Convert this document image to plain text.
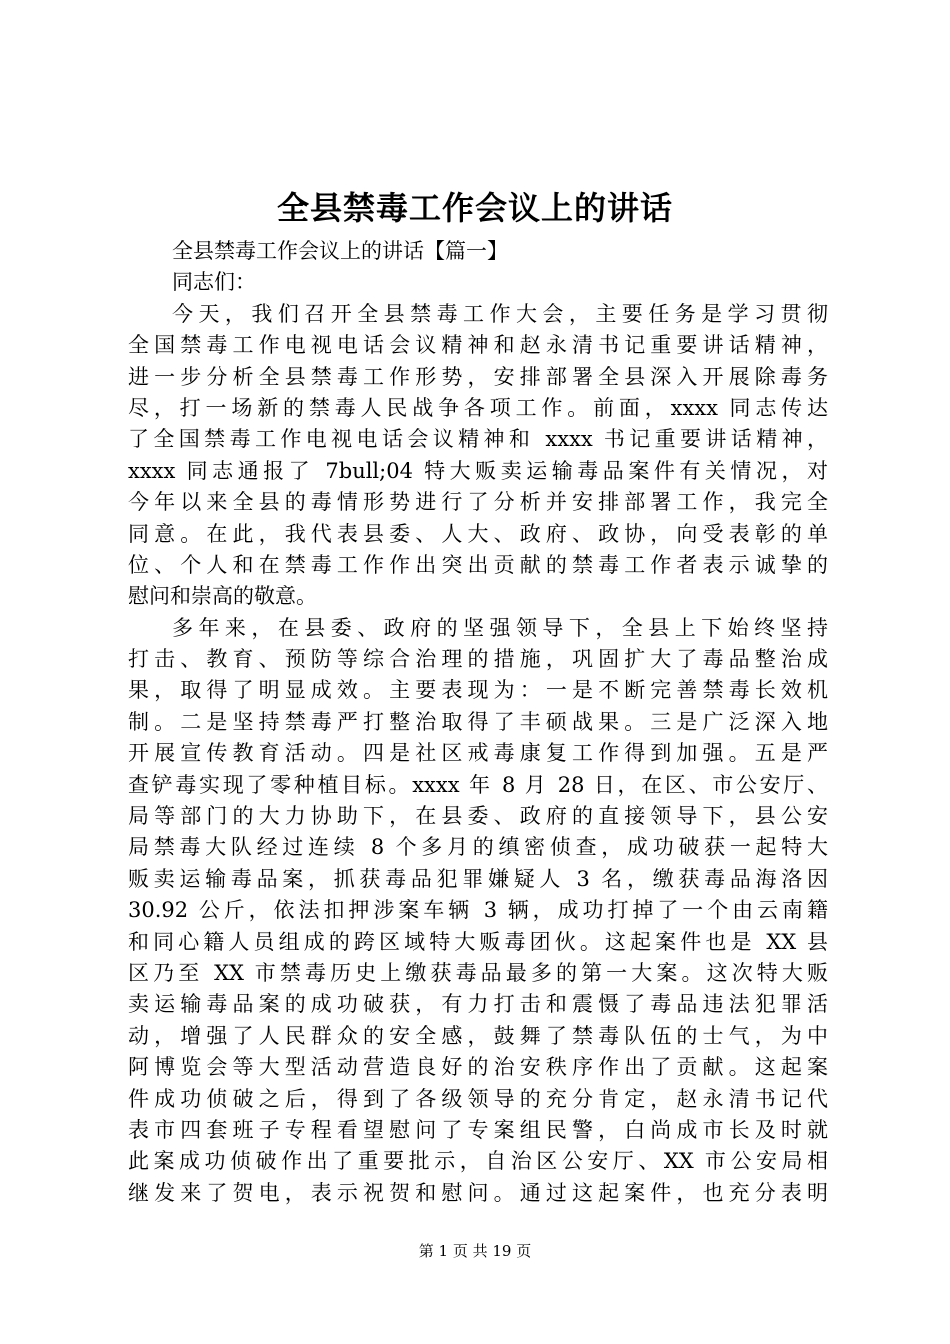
全县禁毒工作会议上的讲话
全县禁毒工作会议上的讲话【篇一】
同志们：
今天，我们召开全县禁毒工作大会，主要任务是学习贯彻
全国禁毒工作电视电话会议精神和赵永清书记重要讲话精神，
进一步分析全县禁毒工作形势，安排部署全县深入开展除毒务
尽，打一场新的禁毒人民战争各项工作。前面，xxxx 同志传达
了全国禁毒工作电视电话会议精神和 xxxx 书记重要讲话精神，
xxxx 同志通报了 7bull;04 特大贩卖运输毒品案件有关情况，对
今年以来全县的毒情形势进行了分析并安排部署工作，我完全
同意。在此，我代表县委、人大、政府、政协，向受表彰的单
位、个人和在禁毒工作作出突出贡献的禁毒工作者表示诚挚的
慰问和崇高的敬意。
多年来，在县委、政府的坚强领导下，全县上下始终坚持
打击、教育、预防等综合治理的措施，巩固扩大了毒品整治成
果，取得了明显成效。主要表现为：一是不断完善禁毒长效机
制。二是坚持禁毒严打整治取得了丰硕战果。三是广泛深入地
开展宣传教育活动。四是社区戒毒康复工作得到加强。五是严
查铲毒实现了零种植目标。xxxx 年 8 月 28 日，在区、市公安厅、
局等部门的大力协助下，在县委、政府的直接领导下，县公安
局禁毒大队经过连续 8 个多月的缜密侦查，成功破获一起特大
贩卖运输毒品案，抓获毒品犯罪嫌疑人 3 名，缴获毒品海洛因
30.92 公斤，依法扣押涉案车辆 3 辆，成功打掉了一个由云南籍
和同心籍人员组成的跨区域特大贩毒团伙。这起案件也是 XX 县
区乃至 XX 市禁毒历史上缴获毒品最多的第一大案。这次特大贩
卖运输毒品案的成功破获，有力打击和震慑了毒品违法犯罪活
动，增强了人民群众的安全感，鼓舞了禁毒队伍的士气，为中
阿博览会等大型活动营造良好的治安秩序作出了贡献。这起案
件成功侦破之后，得到了各级领导的充分肯定，赵永清书记代
表市四套班子专程看望慰问了专案组民警，白尚成市长及时就
此案成功侦破作出了重要批示，自治区公安厅、XX 市公安局相
继发来了贺电，表示祝贺和慰问。通过这起案件，也充分表明
第 1 页 共 19 页
